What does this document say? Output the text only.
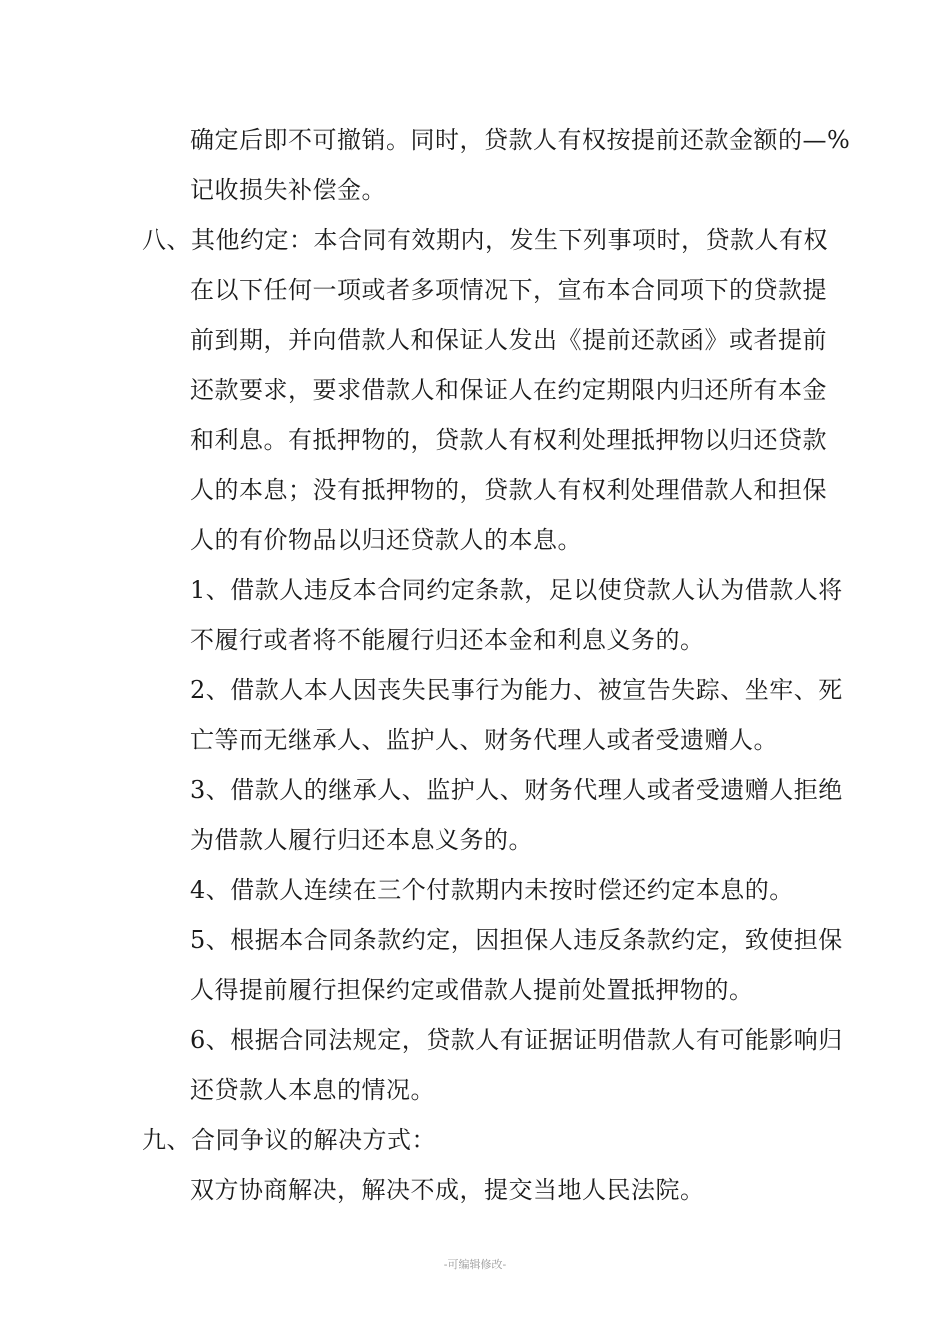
确定后即不可撤销。同时，贷款人有权按提前还款金额的—%
记收损失补偿金。
八、其他约定：本合同有效期内，发生下列事项时，贷款人有权
在以下任何一项或者多项情况下，宣布本合同项下的贷款提
前到期，并向借款人和保证人发出《提前还款函》或者提前
还款要求，要求借款人和保证人在约定期限内归还所有本金
和利息。有抵押物的，贷款人有权利处理抵押物以归还贷款
人的本息；没有抵押物的，贷款人有权利处理借款人和担保
人的有价物品以归还贷款人的本息。
1、借款人违反本合同约定条款，足以使贷款人认为借款人将
不履行或者将不能履行归还本金和利息义务的。
2、借款人本人因丧失民事行为能力、被宣告失踪、坐牢、死
亡等而无继承人、监护人、财务代理人或者受遗赠人。
3、借款人的继承人、监护人、财务代理人或者受遗赠人拒绝
为借款人履行归还本息义务的。
4、借款人连续在三个付款期内未按时偿还约定本息的。
5、根据本合同条款约定，因担保人违反条款约定，致使担保
人得提前履行担保约定或借款人提前处置抵押物的。
6、根据合同法规定，贷款人有证据证明借款人有可能影响归
还贷款人本息的情况。
九、合同争议的解决方式：
双方协商解决，解决不成，提交当地人民法院。
-可编辑修改-
